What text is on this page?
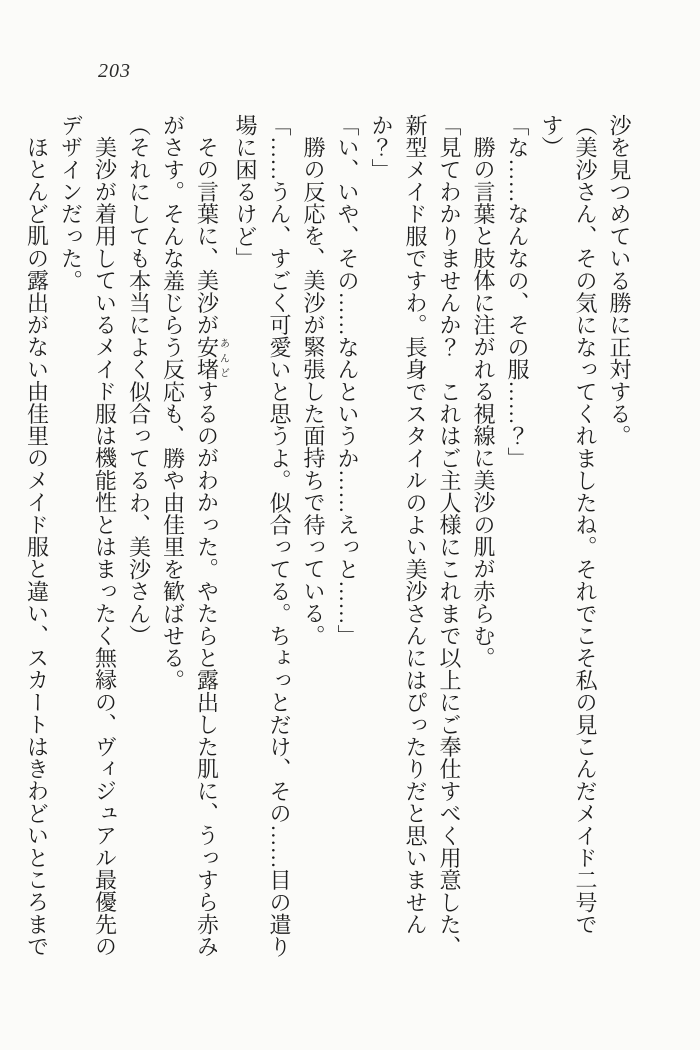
203

沙を見つめている勝に正対する。

（美沙さん、その気になってくれましたね。それでこそ私の見こんだメイド二号です）

「な……なんなの、その服……？」

勝の言葉と肢体に注がれる視線に美沙の肌が赤らむ。

「見てわかりませんか？　これはご主人様にこれまで以上にご奉仕すべく用意した、新型メイド服ですわ。長身でスタイルのよい美沙さんにはぴったりだと思いませんか？」

「い、いや、その……なんというか……えっと……」

勝の反応を、美沙が緊張した面持ちで待っている。

「……うん、すごく可愛いと思うよ。似合ってる。ちょっとだけ、その……目の遣り場に困るけど」

その言葉に、美沙が安堵あんどするのがわかった。やたらと露出した肌に、うっすら赤みがさす。そんな羞じらう反応も、勝や由佳里を歓ばせる。

（それにしても本当によく似合ってるわ、美沙さん）

美沙が着用しているメイド服は機能性とはまったく無縁の、ヴィジュアル最優先のデザインだった。

ほとんど肌の露出がない由佳里のメイド服と違い、スカートはきわどいところまで
